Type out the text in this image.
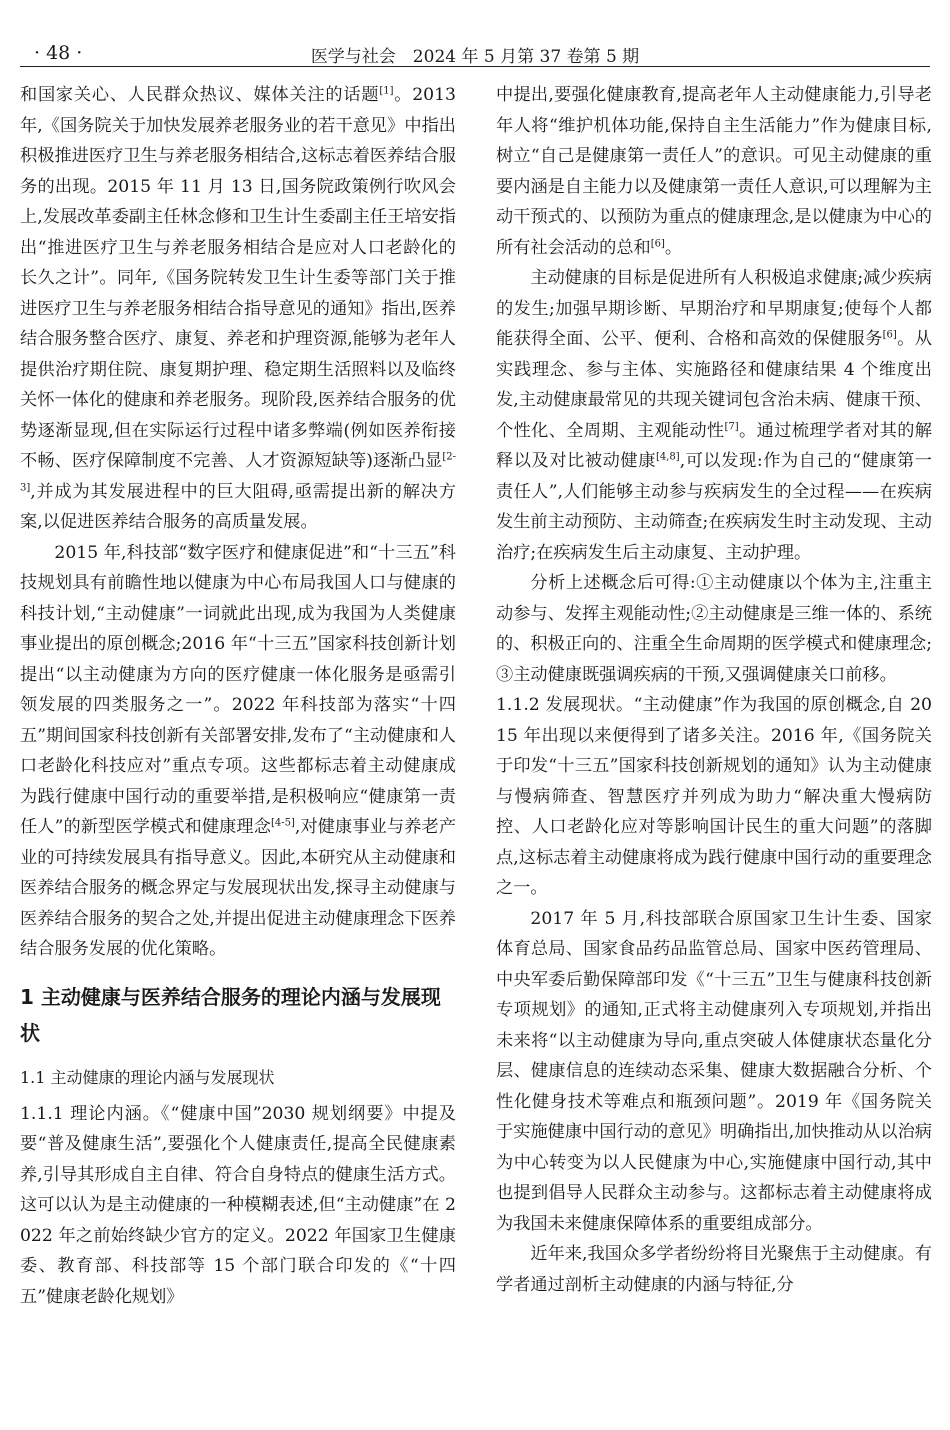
· 48 ·	医学与社会　2024 年 5 月第 37 卷第 5 期

和国家关心、人民群众热议、媒体关注的话题[1]。2013 年,《国务院关于加快发展养老服务业的若干意见》中指出积极推进医疗卫生与养老服务相结合,这标志着医养结合服务的出现。2015 年 11 月 13 日,国务院政策例行吹风会上,发展改革委副主任林念修和卫生计生委副主任王培安指出“推进医疗卫生与养老服务相结合是应对人口老龄化的长久之计”。同年,《国务院转发卫生计生委等部门关于推进医疗卫生与养老服务相结合指导意见的通知》指出,医养结合服务整合医疗、康复、养老和护理资源,能够为老年人提供治疗期住院、康复期护理、稳定期生活照料以及临终关怀一体化的健康和养老服务。现阶段,医养结合服务的优势逐渐显现,但在实际运行过程中诸多弊端(例如医养衔接不畅、医疗保障制度不完善、人才资源短缺等)逐渐凸显[2-3],并成为其发展进程中的巨大阻碍,亟需提出新的解决方案,以促进医养结合服务的高质量发展。

2015 年,科技部“数字医疗和健康促进”和“十三五”科技规划具有前瞻性地以健康为中心布局我国人口与健康的科技计划,“主动健康”一词就此出现,成为我国为人类健康事业提出的原创概念;2016 年“十三五”国家科技创新计划提出“以主动健康为方向的医疗健康一体化服务是亟需引领发展的四类服务之一”。2022 年科技部为落实“十四五”期间国家科技创新有关部署安排,发布了“主动健康和人口老龄化科技应对”重点专项。这些都标志着主动健康成为践行健康中国行动的重要举措,是积极响应“健康第一责任人”的新型医学模式和健康理念[4-5],对健康事业与养老产业的可持续发展具有指导意义。因此,本研究从主动健康和医养结合服务的概念界定与发展现状出发,探寻主动健康与医养结合服务的契合之处,并提出促进主动健康理念下医养结合服务发展的优化策略。

1 主动健康与医养结合服务的理论内涵与发展现状
1.1 主动健康的理论内涵与发展现状

1.1.1 理论内涵。《“健康中国”2030 规划纲要》中提及要“普及健康生活”,要强化个人健康责任,提高全民健康素养,引导其形成自主自律、符合自身特点的健康生活方式。这可以认为是主动健康的一种模糊表述,但“主动健康”在 2022 年之前始终缺少官方的定义。2022 年国家卫生健康委、教育部、科技部等 15 个部门联合印发的《“十四五”健康老龄化规划》

中提出,要强化健康教育,提高老年人主动健康能力,引导老年人将“维护机体功能,保持自主生活能力”作为健康目标,树立“自己是健康第一责任人”的意识。可见主动健康的重要内涵是自主能力以及健康第一责任人意识,可以理解为主动干预式的、以预防为重点的健康理念,是以健康为中心的所有社会活动的总和[6]。

主动健康的目标是促进所有人积极追求健康;减少疾病的发生;加强早期诊断、早期治疗和早期康复;使每个人都能获得全面、公平、便利、合格和高效的保健服务[6]。从实践理念、参与主体、实施路径和健康结果 4 个维度出发,主动健康最常见的共现关键词包含治未病、健康干预、个性化、全周期、主观能动性[7]。通过梳理学者对其的解释以及对比被动健康[4,8],可以发现:作为自己的“健康第一责任人”,人们能够主动参与疾病发生的全过程——在疾病发生前主动预防、主动筛查;在疾病发生时主动发现、主动治疗;在疾病发生后主动康复、主动护理。

分析上述概念后可得:①主动健康以个体为主,注重主动参与、发挥主观能动性;②主动健康是三维一体的、系统的、积极正向的、注重全生命周期的医学模式和健康理念;③主动健康既强调疾病的干预,又强调健康关口前移。

1.1.2 发展现状。“主动健康”作为我国的原创概念,自 2015 年出现以来便得到了诸多关注。2016 年,《国务院关于印发“十三五”国家科技创新规划的通知》认为主动健康与慢病筛查、智慧医疗并列成为助力“解决重大慢病防控、人口老龄化应对等影响国计民生的重大问题”的落脚点,这标志着主动健康将成为践行健康中国行动的重要理念之一。

2017 年 5 月,科技部联合原国家卫生计生委、国家体育总局、国家食品药品监管总局、国家中医药管理局、中央军委后勤保障部印发《“十三五”卫生与健康科技创新专项规划》的通知,正式将主动健康列入专项规划,并指出未来将“以主动健康为导向,重点突破人体健康状态量化分层、健康信息的连续动态采集、健康大数据融合分析、个性化健身技术等难点和瓶颈问题”。2019 年《国务院关于实施健康中国行动的意见》明确指出,加快推动从以治病为中心转变为以人民健康为中心,实施健康中国行动,其中也提到倡导人民群众主动参与。这都标志着主动健康将成为我国未来健康保障体系的重要组成部分。

近年来,我国众多学者纷纷将目光聚焦于主动健康。有学者通过剖析主动健康的内涵与特征,分
